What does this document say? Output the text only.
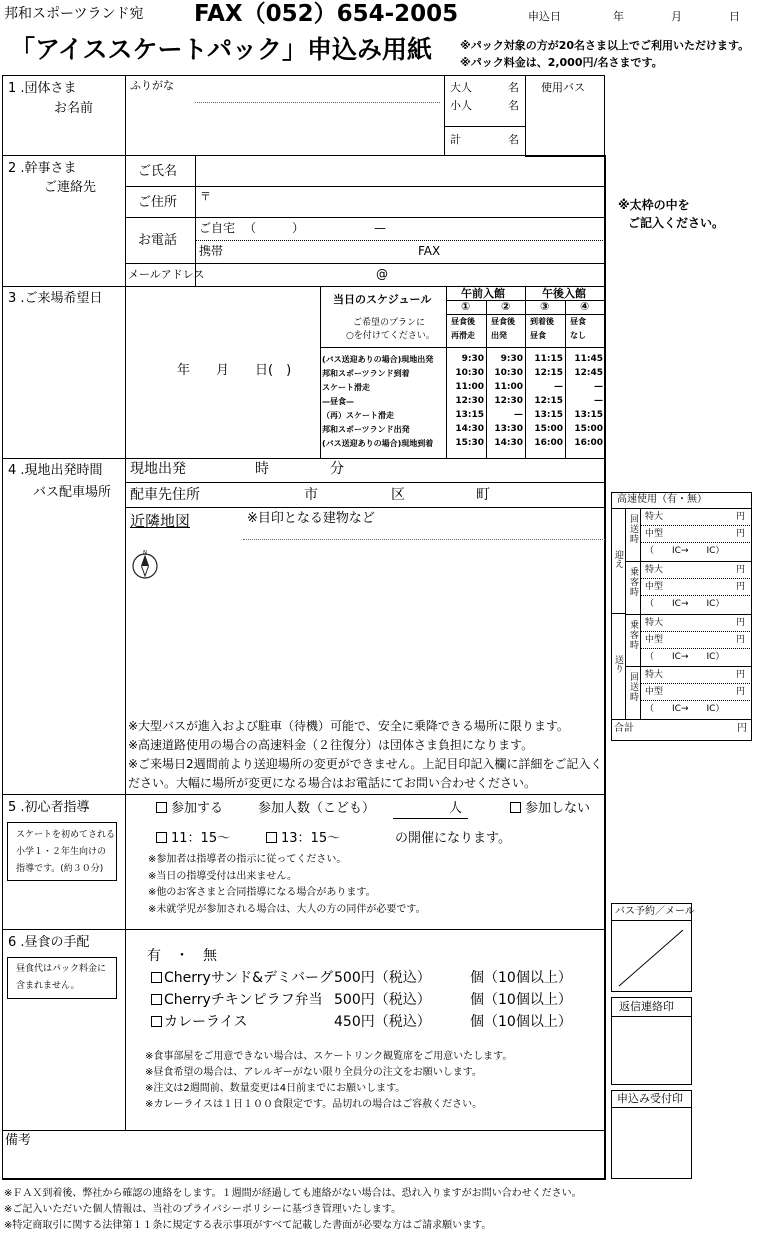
邦和スポーツランド宛 FAX（052）654-2005	申込日	年	月	日
「アイススケートパック」申込み用紙	※パック対象の方が20名さま以上でご利用いただけます。
※パック料金は、2,000円/名さまです。
1 .団体さま
お名前
ふりがな	大人	名
小人	名
計	名
使用バス
2 .幹事さま
ご連絡先
ご氏名
ご住所 〒
お電話
ご自宅 （	）	—
携帯	FAX
メールアドレス	@
※太枠の中を
ご記入ください。
3 .ご来場希望日
年　　月　　日(　)
当日のスケジュール
ご希望のプランに
○を付けてください。
午前入館	午後入館
①
昼食後
再滑走
②
昼食後
出発
③
到着後
昼食
④
昼食
なし
(バス送迎ありの場合)現地出発	9:30	9:30	11:15	11:45
邦和スポーツランド到着	10:30	10:30	12:15	12:45
スケート滑走	11:00	11:00	—	—
—昼食—	12:30	12:30	12:15	—
（再）スケート滑走	13:15	—	13:15	13:15
邦和スポーツランド出発	14:30	13:30	15:00	15:00
(バス送迎ありの場合)現地到着	15:30	14:30	16:00	16:00
4 .現地出発時間
バス配車場所
現地出発	時	分
配車先住所	市	区	町
近隣地図	※目印となる建物など
N
※大型バスが進入および駐車（待機）可能で、安全に乗降できる場所に限ります。
※高速道路使用の場合の高速料金（２往復分）は団体さま負担になります。
※ご来場日2週間前より送迎場所の変更ができません。上記目印記入欄に詳細をご記入く
ださい。大幅に場所が変更になる場合はお電話にてお問い合わせください。
高速使用（有・無）
迎え
送り
回送時 特大	円
中型	円
（　　IC→　　IC）
乗客時 特大	円
中型	円
（　　IC→　　IC）
乗客時 特大	円
中型	円
（　　IC→　　IC）
回送時 特大	円
中型	円
（　　IC→　　IC）
合計	円
5 .初心者指導
スケートを初めてされる
小学１・２年生向けの
指導です。(約３０分)
参加する	参加人数（こども）	人	参加しない
11：15～	13：15～	の開催になります。
※参加者は指導者の指示に従ってください。
※当日の指導受付は出来ません。
※他のお客さまと合同指導になる場合があります。
※未就学児が参加される場合は、大人の方の同伴が必要です。
6 .昼食の手配
昼食代はパック料金に
含まれません。
有　・　無
Cherryサンド&デミバーグ 500円（税込）	個（10個以上）
Cherryチキンピラフ弁当 500円（税込）	個（10個以上）
カレーライス	450円（税込）	個（10個以上）
※食事部屋をご用意できない場合は、スケートリンク観覧席をご用意いたします。
※昼食希望の場合は、アレルギーがない限り全員分の注文をお願いします。
※注文は2週間前、数量変更は4日前までにお願いします。
※カレーライスは１日１００食限定です。品切れの場合はご容赦ください。
備考
バス予約／メール
返信連絡印
申込み受付印
※ＦＡＸ到着後、弊社から確認の連絡をします。１週間が経過しても連絡がない場合は、恐れ入りますがお問い合わせください。
※ご記入いただいた個人情報は、当社のプライバシーポリシーに基づき管理いたします。
※特定商取引に関する法律第１１条に規定する表示事項がすべて記載した書面が必要な方はご請求願います。
